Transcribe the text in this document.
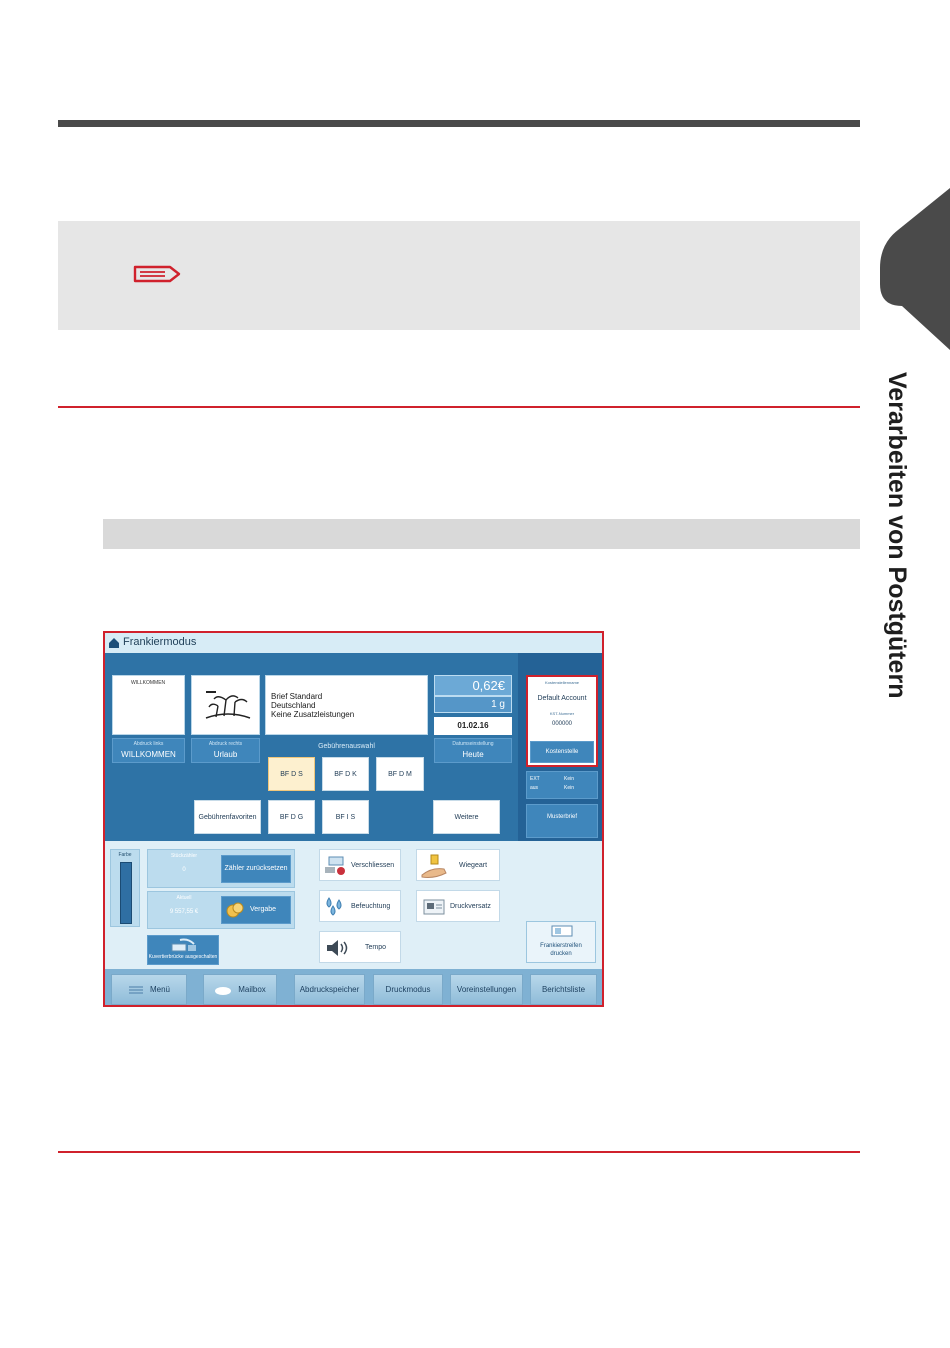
Verarbeiten von Postgütern
Frankiermodus
WILLKOMMEN
Abdruck links
WILLKOMMEN
Abdruck rechts
Urlaub
Brief Standard
Deutschland
Keine Zusatzleistungen
0,62€
1 g
01.02.16
Datumseinstellung
Heute
Gebührenauswahl
BF D S	BF D K	BF D M
Gebührenfavoriten	BF D G	BF I S	Weitere
Kostenstellenname
Default Account
KST-Nummer
000000
Kostenstelle
EXT	Kein
aus	Kein
Musterbrief
Farbe	Stückzähler
0	Zähler zurücksetzen
Aktuell
9 557,55 €	Vergabe
Kuvertierbrücke ausgeschalten
Verschliessen	Wiegeart
Befeuchtung	Druckversatz
Tempo	Frankierstreifen
drucken
Menü	Mailbox	Abdruckspeicher	Druckmodus	Voreinstellungen	Berichtsliste
